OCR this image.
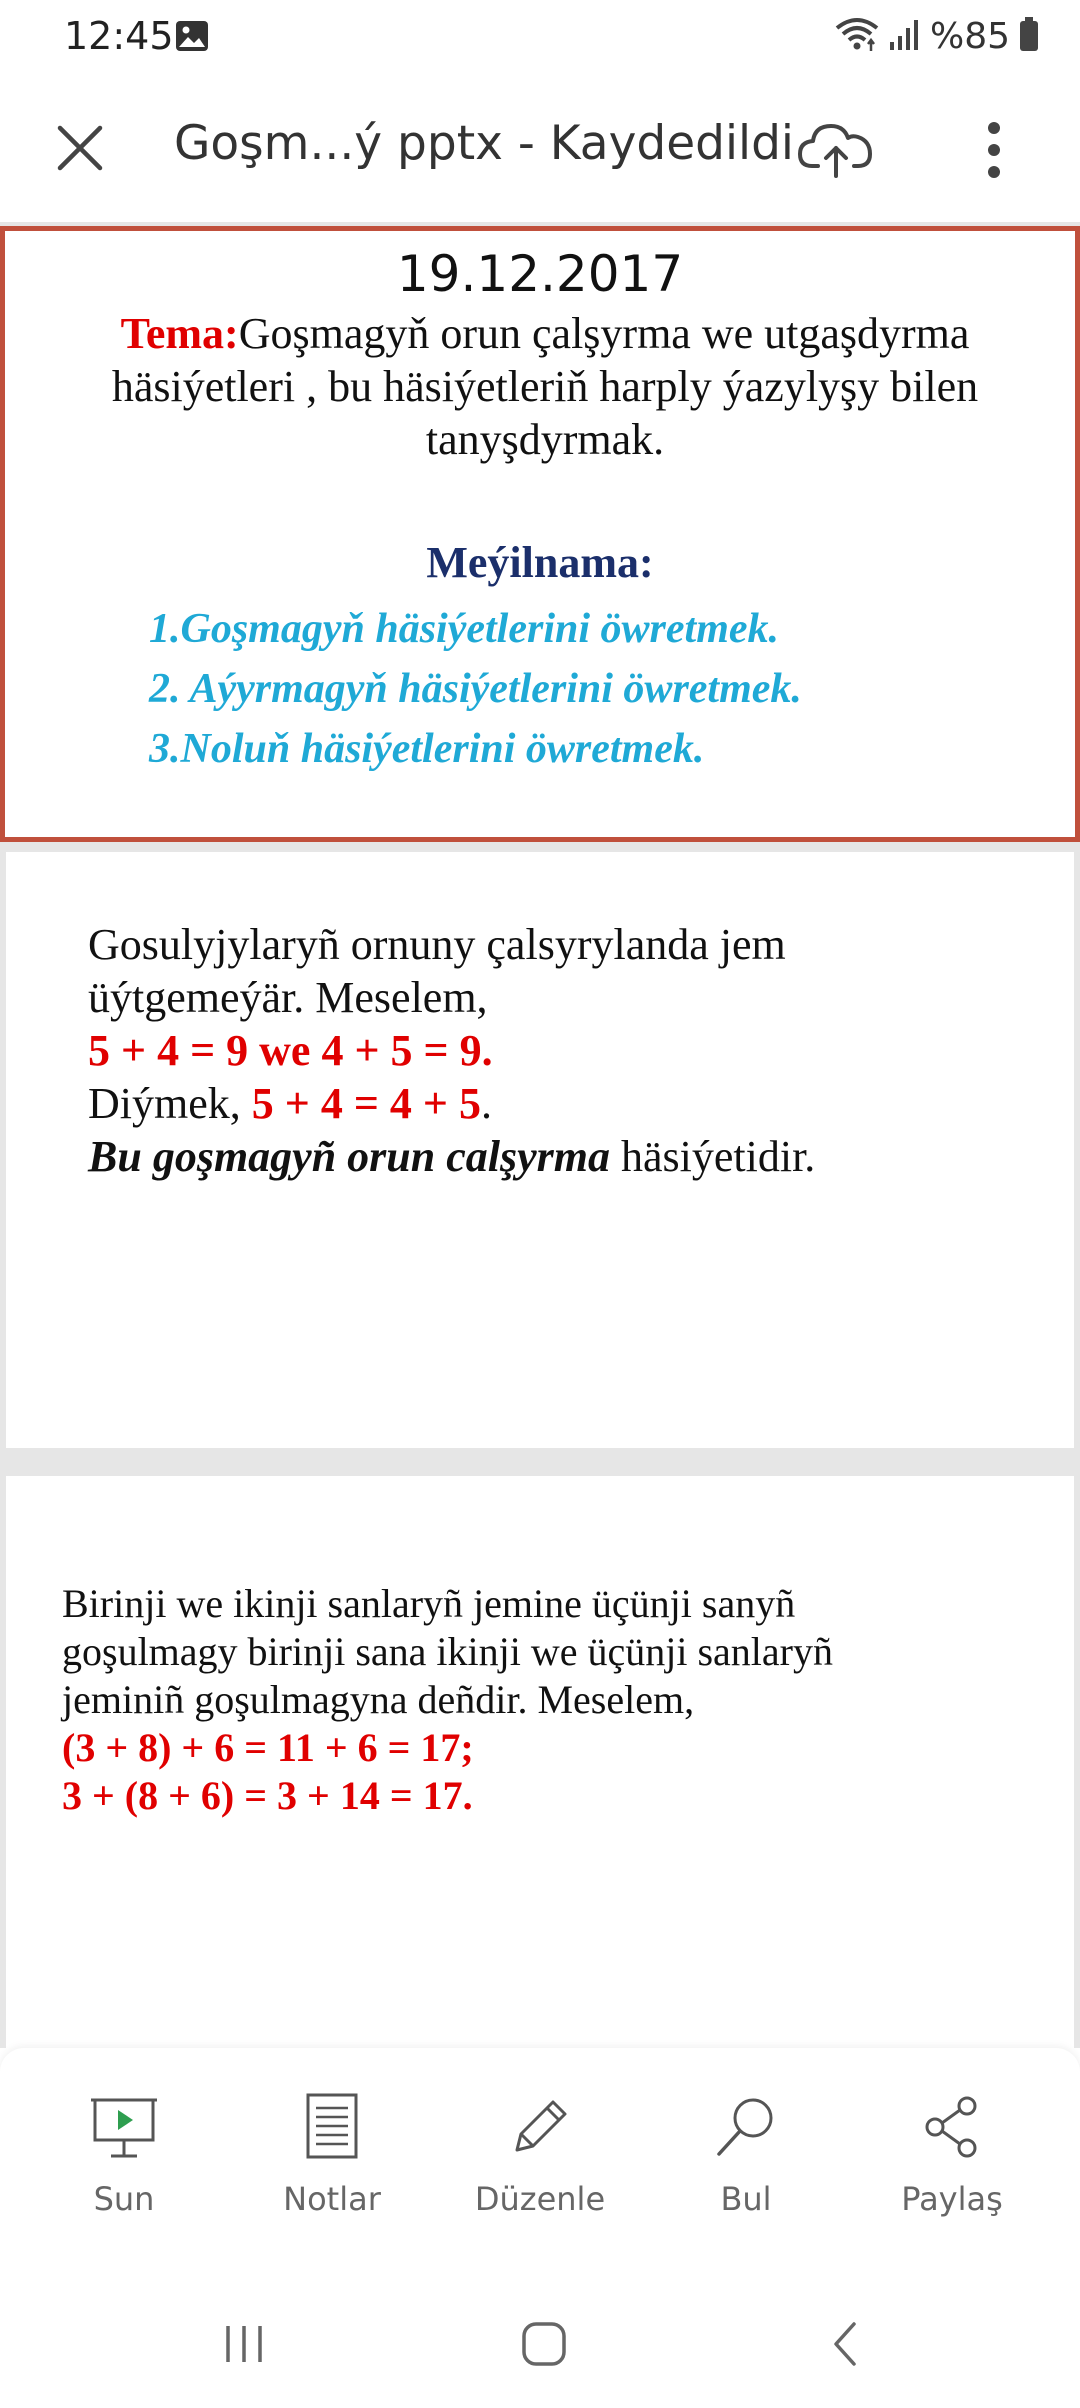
12:45	%85
Goşm...ý pptx - Kaydedildi
19.12.2017
Tema:Goşmagyň orun çalşyrma we utgaşdyrma häsiýetleri , bu häsiýetleriň harply ýazylyşy bilen tanyşdyrmak.
Meýilnama:
1.Goşmagyň häsiýetlerini öwretmek.
2. Aýyrmagyň häsiýetlerini öwretmek.
3.Noluň häsiýetlerini öwretmek.
Gosulyjylaryñ ornuny çalsyrylanda jem
üýtgemeýär. Meselem,
5 + 4 = 9 we 4 + 5 = 9.
Diýmek, 5 + 4 = 4 + 5.
Bu goşmagyñ orun calşyrma häsiýetidir.
Birinji we ikinji sanlaryñ jemine üçünji sanyñ
goşulmagy birinji sana ikinji we üçünji sanlaryñ
jeminiñ goşulmagyna deñdir. Meselem,
(3 + 8) + 6 = 11 + 6 = 17;
3 + (8 + 6) = 3 + 14 = 17.
Sun	Notlar	Düzenle	Bul	Paylaş
